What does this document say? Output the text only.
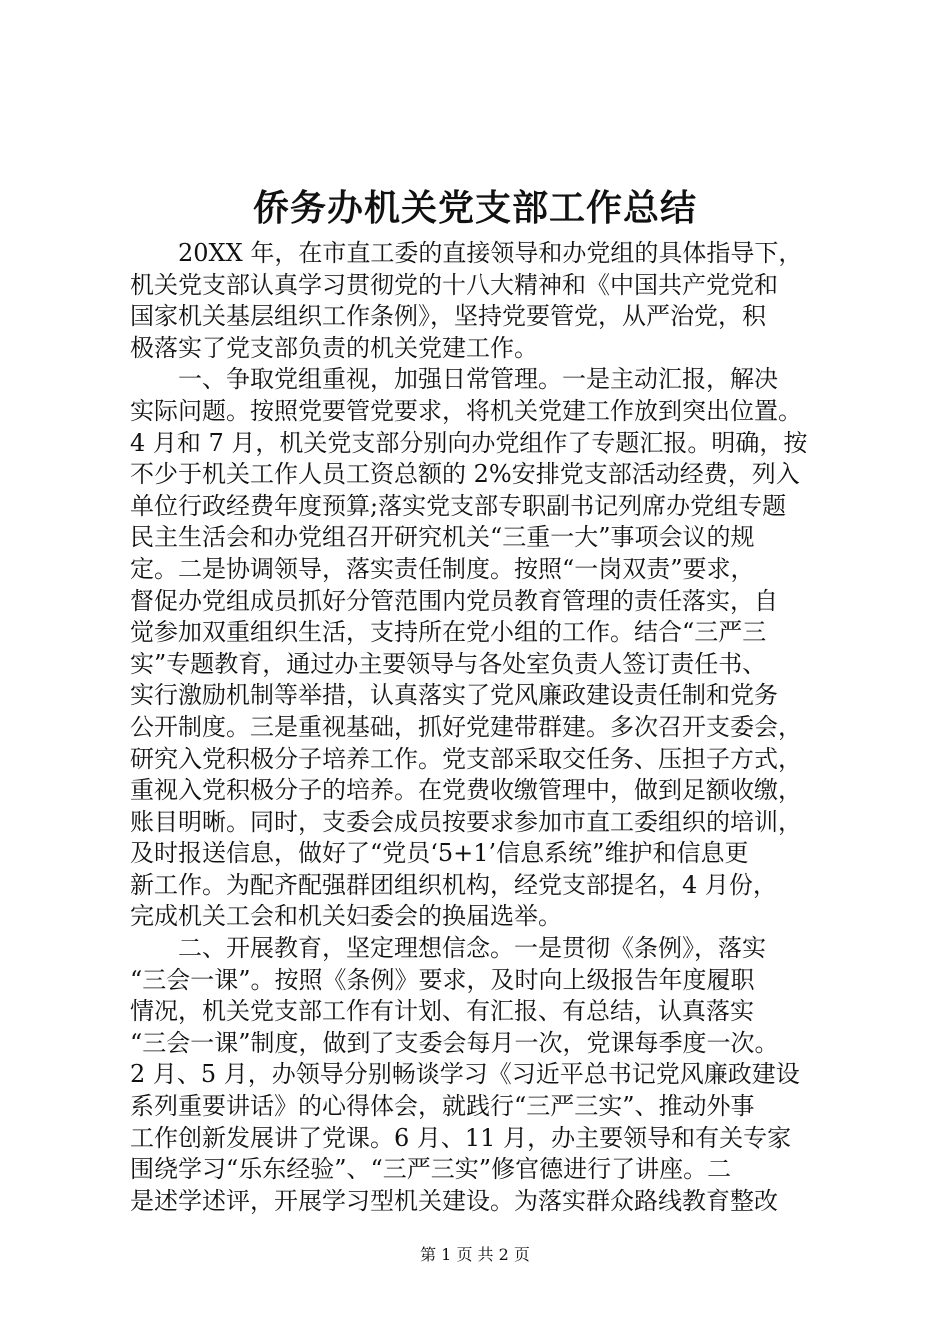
侨务办机关党支部工作总结
20XX 年，在市直工委的直接领导和办党组的具体指导下，
机关党支部认真学习贯彻党的十八大精神和《中国共产党党和
国家机关基层组织工作条例》，坚持党要管党，从严治党，积
极落实了党支部负责的机关党建工作。
一、争取党组重视，加强日常管理。一是主动汇报，解决
实际问题。按照党要管党要求，将机关党建工作放到突出位置。
4 月和 7 月，机关党支部分别向办党组作了专题汇报。明确，按
不少于机关工作人员工资总额的 2%安排党支部活动经费，列入
单位行政经费年度预算;落实党支部专职副书记列席办党组专题
民主生活会和办党组召开研究机关“三重一大”事项会议的规
定。二是协调领导，落实责任制度。按照“一岗双责”要求，
督促办党组成员抓好分管范围内党员教育管理的责任落实，自
觉参加双重组织生活，支持所在党小组的工作。结合“三严三
实”专题教育，通过办主要领导与各处室负责人签订责任书、
实行激励机制等举措，认真落实了党风廉政建设责任制和党务
公开制度。三是重视基础，抓好党建带群建。多次召开支委会，
研究入党积极分子培养工作。党支部采取交任务、压担子方式，
重视入党积极分子的培养。在党费收缴管理中，做到足额收缴，
账目明晰。同时，支委会成员按要求参加市直工委组织的培训，
及时报送信息，做好了“党员‘5+1’信息系统”维护和信息更
新工作。为配齐配强群团组织机构，经党支部提名，4 月份，
完成机关工会和机关妇委会的换届选举。
二、开展教育，坚定理想信念。一是贯彻《条例》，落实
“三会一课”。按照《条例》要求，及时向上级报告年度履职
情况，机关党支部工作有计划、有汇报、有总结，认真落实
“三会一课”制度，做到了支委会每月一次，党课每季度一次。
2 月、5 月，办领导分别畅谈学习《习近平总书记党风廉政建设
系列重要讲话》的心得体会，就践行“三严三实”、推动外事
工作创新发展讲了党课。6 月、11 月，办主要领导和有关专家
围绕学习“乐东经验”、“三严三实”修官德进行了讲座。二
是述学述评，开展学习型机关建设。为落实群众路线教育整改
第 1 页 共 2 页
